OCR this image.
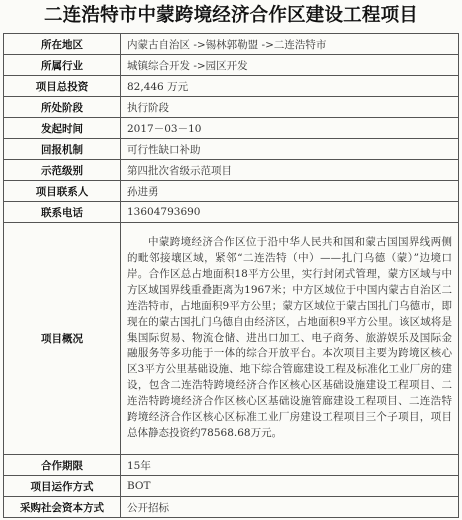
二连浩特市中蒙跨境经济合作区建设工程项目
所在地区	内蒙古自治区 ->锡林郭勒盟 ->二连浩特市
所属行业	城镇综合开发 ->园区开发
项目总投资	82,446 万元
所处阶段	执行阶段
发起时间	2017－03－10
回报机制	可行性缺口补助
示范级别	第四批次省级示范项目
项目联系人	孙进勇
联系电话	13604793690
项目概况	中蒙跨境经济合作区位于沿中华人民共和国和蒙古国国界线两侧的毗邻接壤区域，紧邻“二连浩特（中）——扎门乌德（蒙）”边境口岸。合作区总占地面积18平方公里，实行封闭式管理，蒙方区域与中方区域国界线重叠距离为1967米；中方区域位于中国内蒙古自治区二连浩特市，占地面积9平方公里；蒙方区域位于蒙古国扎门乌德市，即现在的蒙古国扎门乌德自由经济区，占地面积9平方公里。该区域将是集国际贸易、物流仓储、进出口加工、电子商务、旅游娱乐及国际金融服务等多功能于一体的综合开放平台。本次项目主要为跨境区核心区3平方公里基础设施、地下综合管廊建设工程及标准化工业厂房的建设，包含二连浩特跨境经济合作区核心区基础设施建设工程项目、二连浩特跨境经济合作区核心区基础设施管廊建设工程项目、二连浩特跨境经济合作区核心区标准工业厂房建设工程项目三个子项目，项目总体静态投资约78568.68万元。
合作期限	15年
项目运作方式	BOT
采购社会资本方式	公开招标
